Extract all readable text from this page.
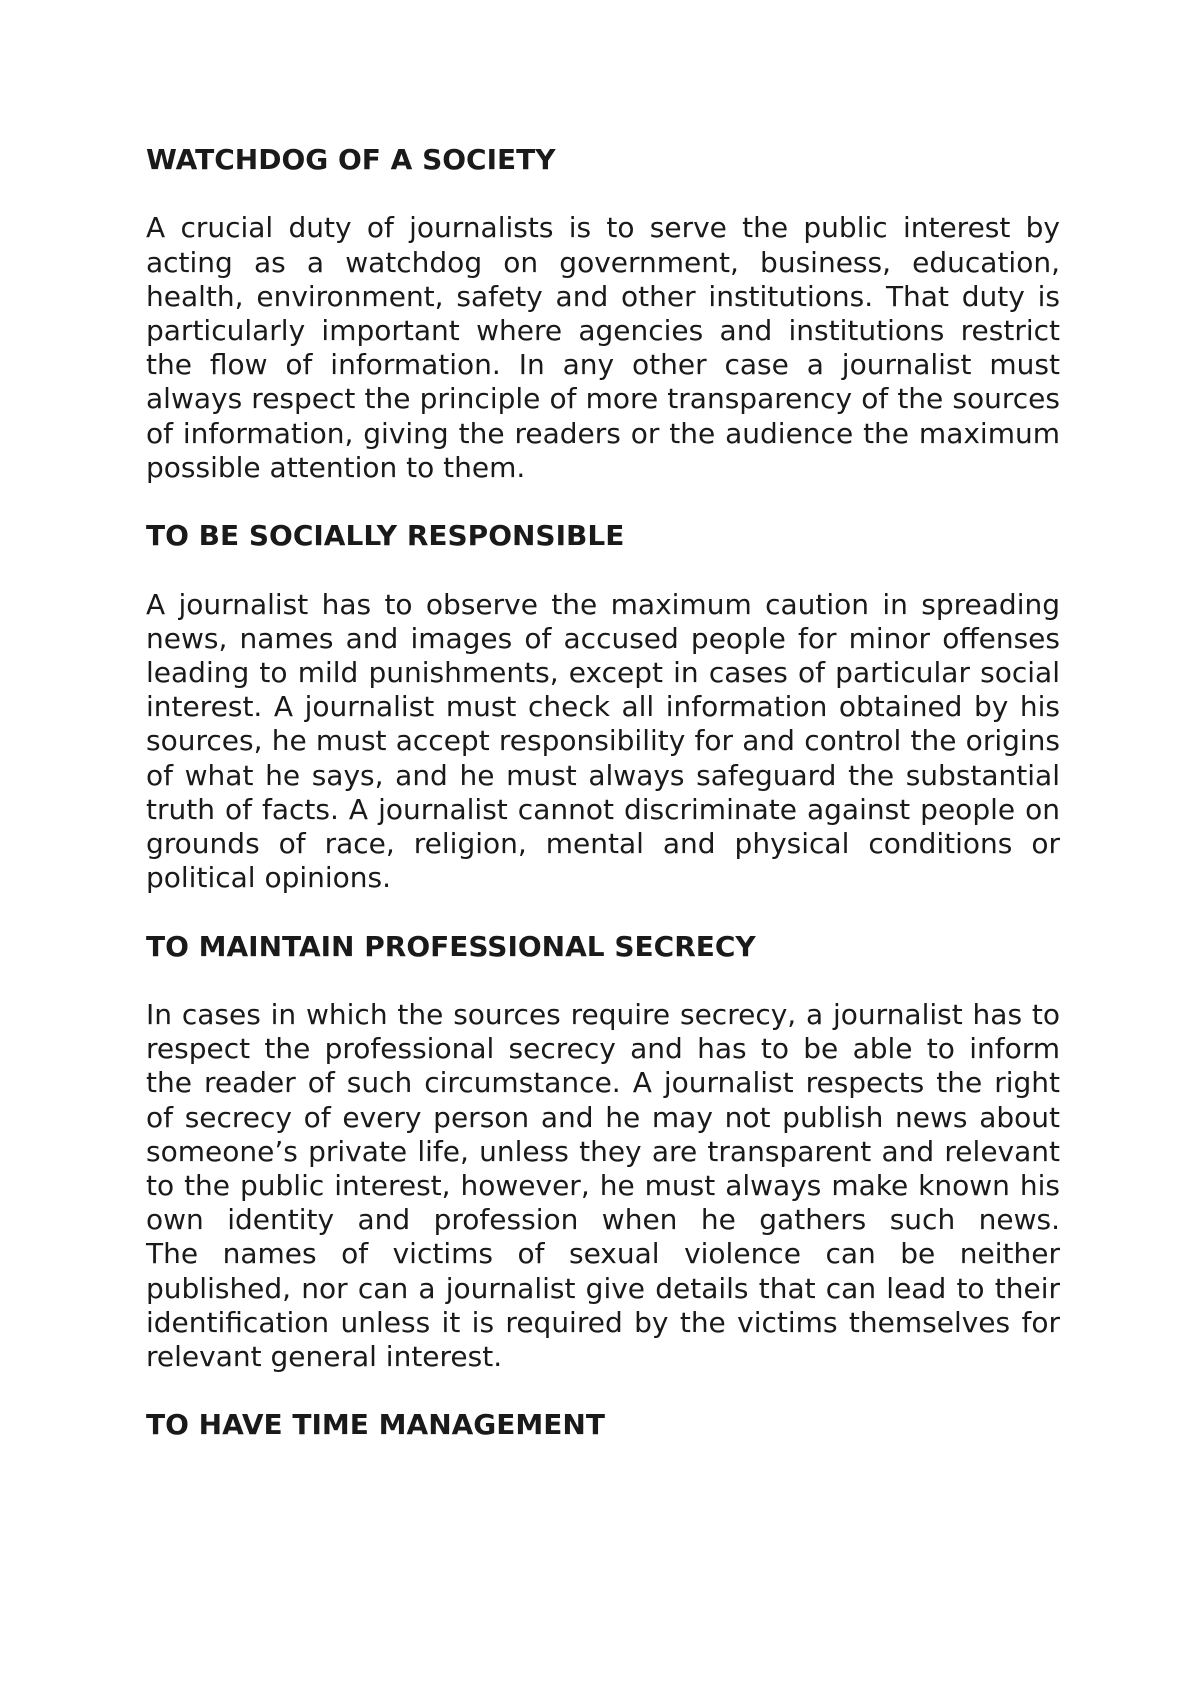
WATCHDOG OF A SOCIETY

A crucial duty of journalists is to serve the public interest by acting as a watchdog on government, business, education, health, environment, safety and other institutions. That duty is particularly important where agencies and institutions restrict the flow of information. In any other case a journalist must always respect the principle of more transparency of the sources of information, giving the readers or the audience the maximum possible attention to them.

TO BE SOCIALLY RESPONSIBLE

A journalist has to observe the maximum caution in spreading news, names and images of accused people for minor offenses leading to mild punishments, except in cases of particular social interest. A journalist must check all information obtained by his sources, he must accept responsibility for and control the origins of what he says, and he must always safeguard the substantial truth of facts. A journalist cannot discriminate against people on grounds of race, religion, mental and physical conditions or political opinions.

TO MAINTAIN PROFESSIONAL SECRECY

In cases in which the sources require secrecy, a journalist has to respect the professional secrecy and has to be able to inform the reader of such circumstance. A journalist respects the right of secrecy of every person and he may not publish news about someone’s private life, unless they are transparent and relevant to the public interest, however, he must always make known his own identity and profession when he gathers such news.
The names of victims of sexual violence can be neither published, nor can a journalist give details that can lead to their identification unless it is required by the victims themselves for relevant general interest.

TO HAVE TIME MANAGEMENT
